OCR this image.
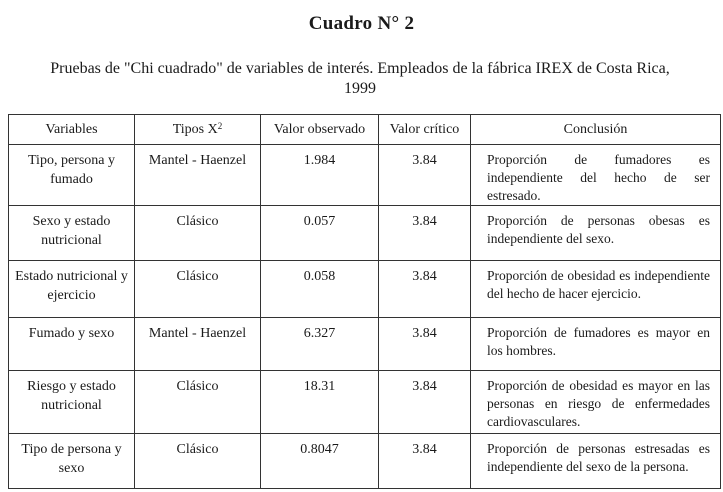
Cuadro N° 2
Pruebas de "Chi cuadrado" de variables de interés. Empleados de la fábrica IREX de Costa Rica, 1999
Variables	Tipos $X^2$	Valor observado	Valor crítico	Conclusión
Tipo, persona y fumado	Mantel - Haenzel	1.984	3.84	Proporción de fumadores es independiente del hecho de ser estresado.
Sexo y estado nutricional	Clásico	0.057	3.84	Proporción de personas obesas es independiente del sexo.
Estado nutricional y ejercicio	Clásico	0.058	3.84	Proporción de obesidad es independiente del hecho de hacer ejercicio.
Fumado y sexo	Mantel - Haenzel	6.327	3.84	Proporción de fumadores es mayor en los hombres.
Riesgo y estado nutricional	Clásico	18.31	3.84	Proporción de obesidad es mayor en las personas en riesgo de enfermedades cardiovasculares.
Tipo de persona y sexo	Clásico	0.8047	3.84	Proporción de personas estresadas es independiente del sexo de la persona.
